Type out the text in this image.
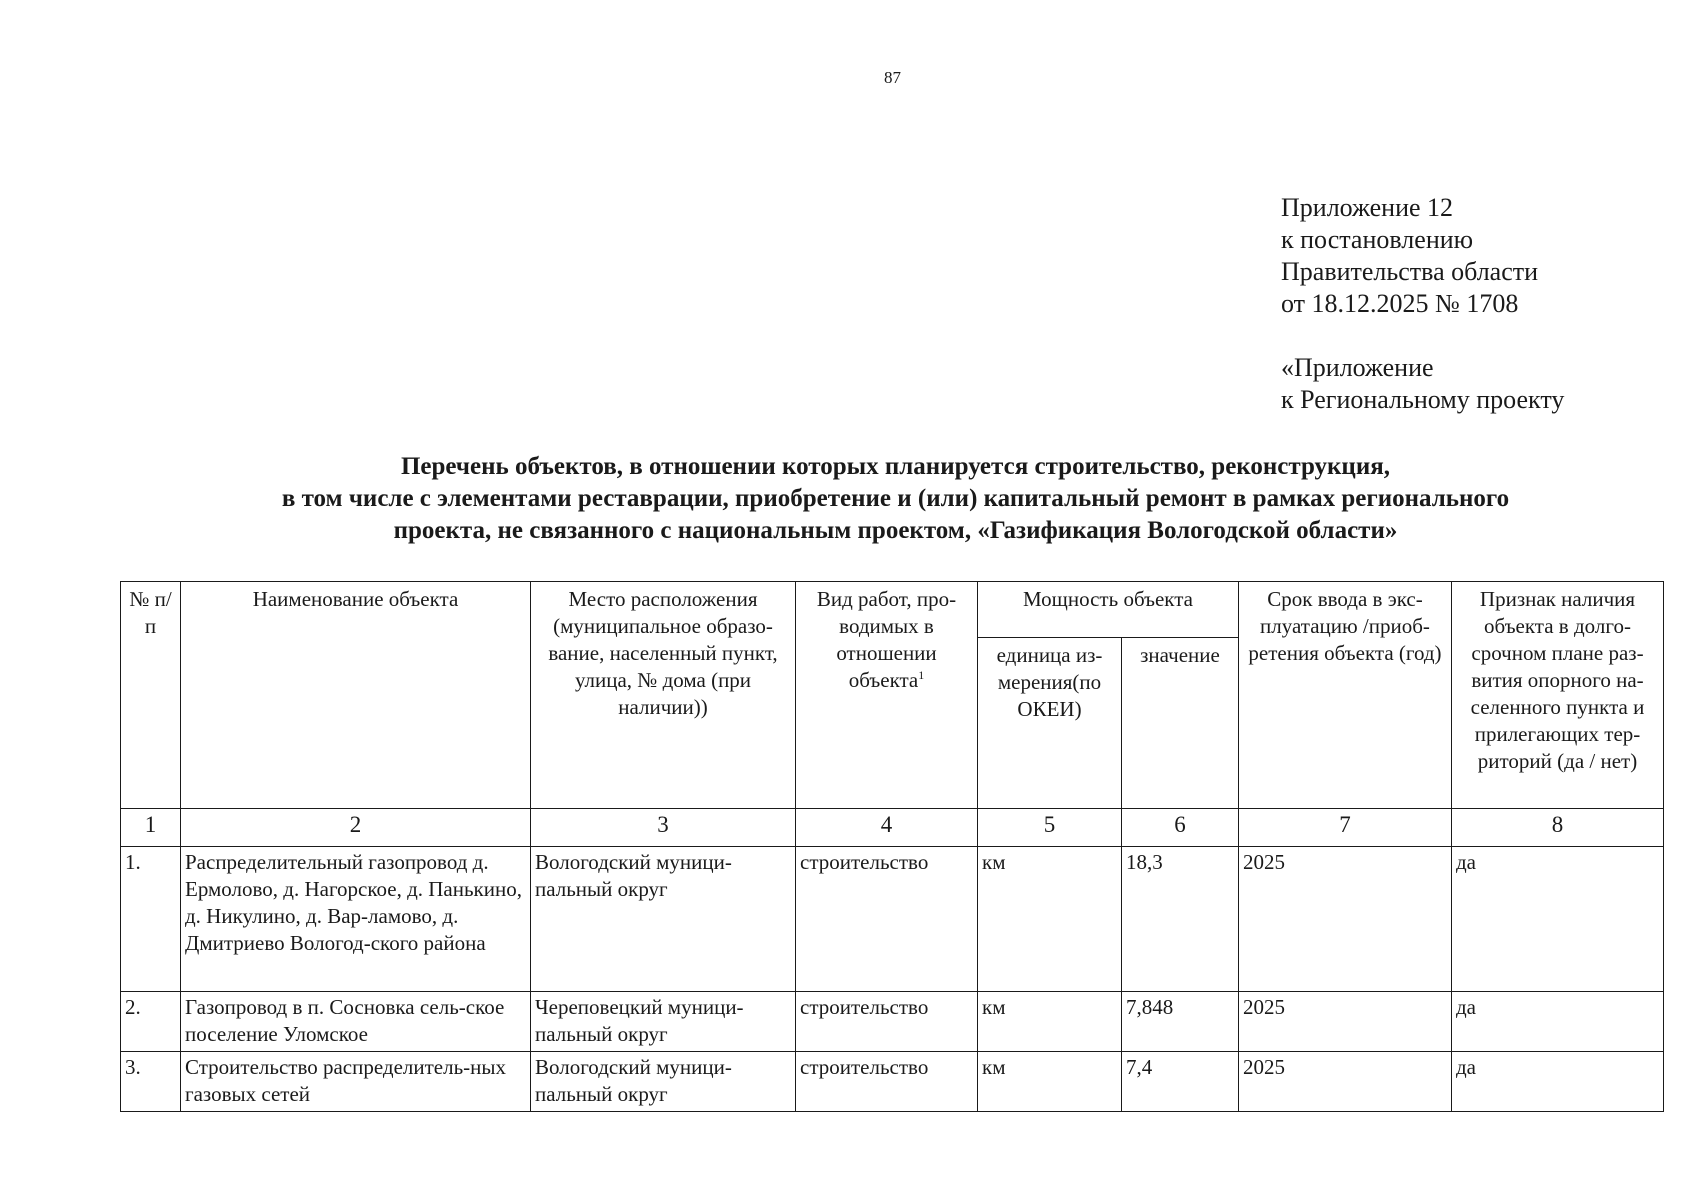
87
Приложение 12
к постановлению
Правительства области
от 18.12.2025 № 1708
«Приложение
к Региональному проекту
Перечень объектов, в отношении которых планируется строительство, реконструкция,
в том числе с элементами реставрации, приобретение и (или) капитальный ремонт в рамках регионального
проекта, не связанного с национальным проектом, «Газификация Вологодской области»
№ п/п	Наименование объекта	Место расположения (муниципальное образо-вание, населенный пункт, улица, № дома (при наличии))	Вид работ, про-водимых в отношении объекта$^1$	Мощность объекта		Срок ввода в экс-плуатацию /приоб-ретения объекта (год)	Признак наличия объекта в долго-срочном плане раз-вития опорного на-селенного пункта и прилегающих тер-риторий (да / нет)
				единица из-мерения(по ОКЕИ)	значение		
1	2	3	4	5	6	7	8
1.	Распределительный газопровод д. Ермолово, д. Нагорское, д. Панькино, д. Никулино, д. Вар-ламово, д. Дмитриево Вологод-ского района	Вологодский муници-пальный округ	строительство	км	18,3	2025	да
2.	Газопровод в п. Сосновка сель-ское поселение Уломское	Череповецкий муници-пальный округ	строительство	км	7,848	2025	да
3.	Строительство распределитель-ных газовых сетей	Вологодский муници-пальный округ	строительство	км	7,4	2025	да
